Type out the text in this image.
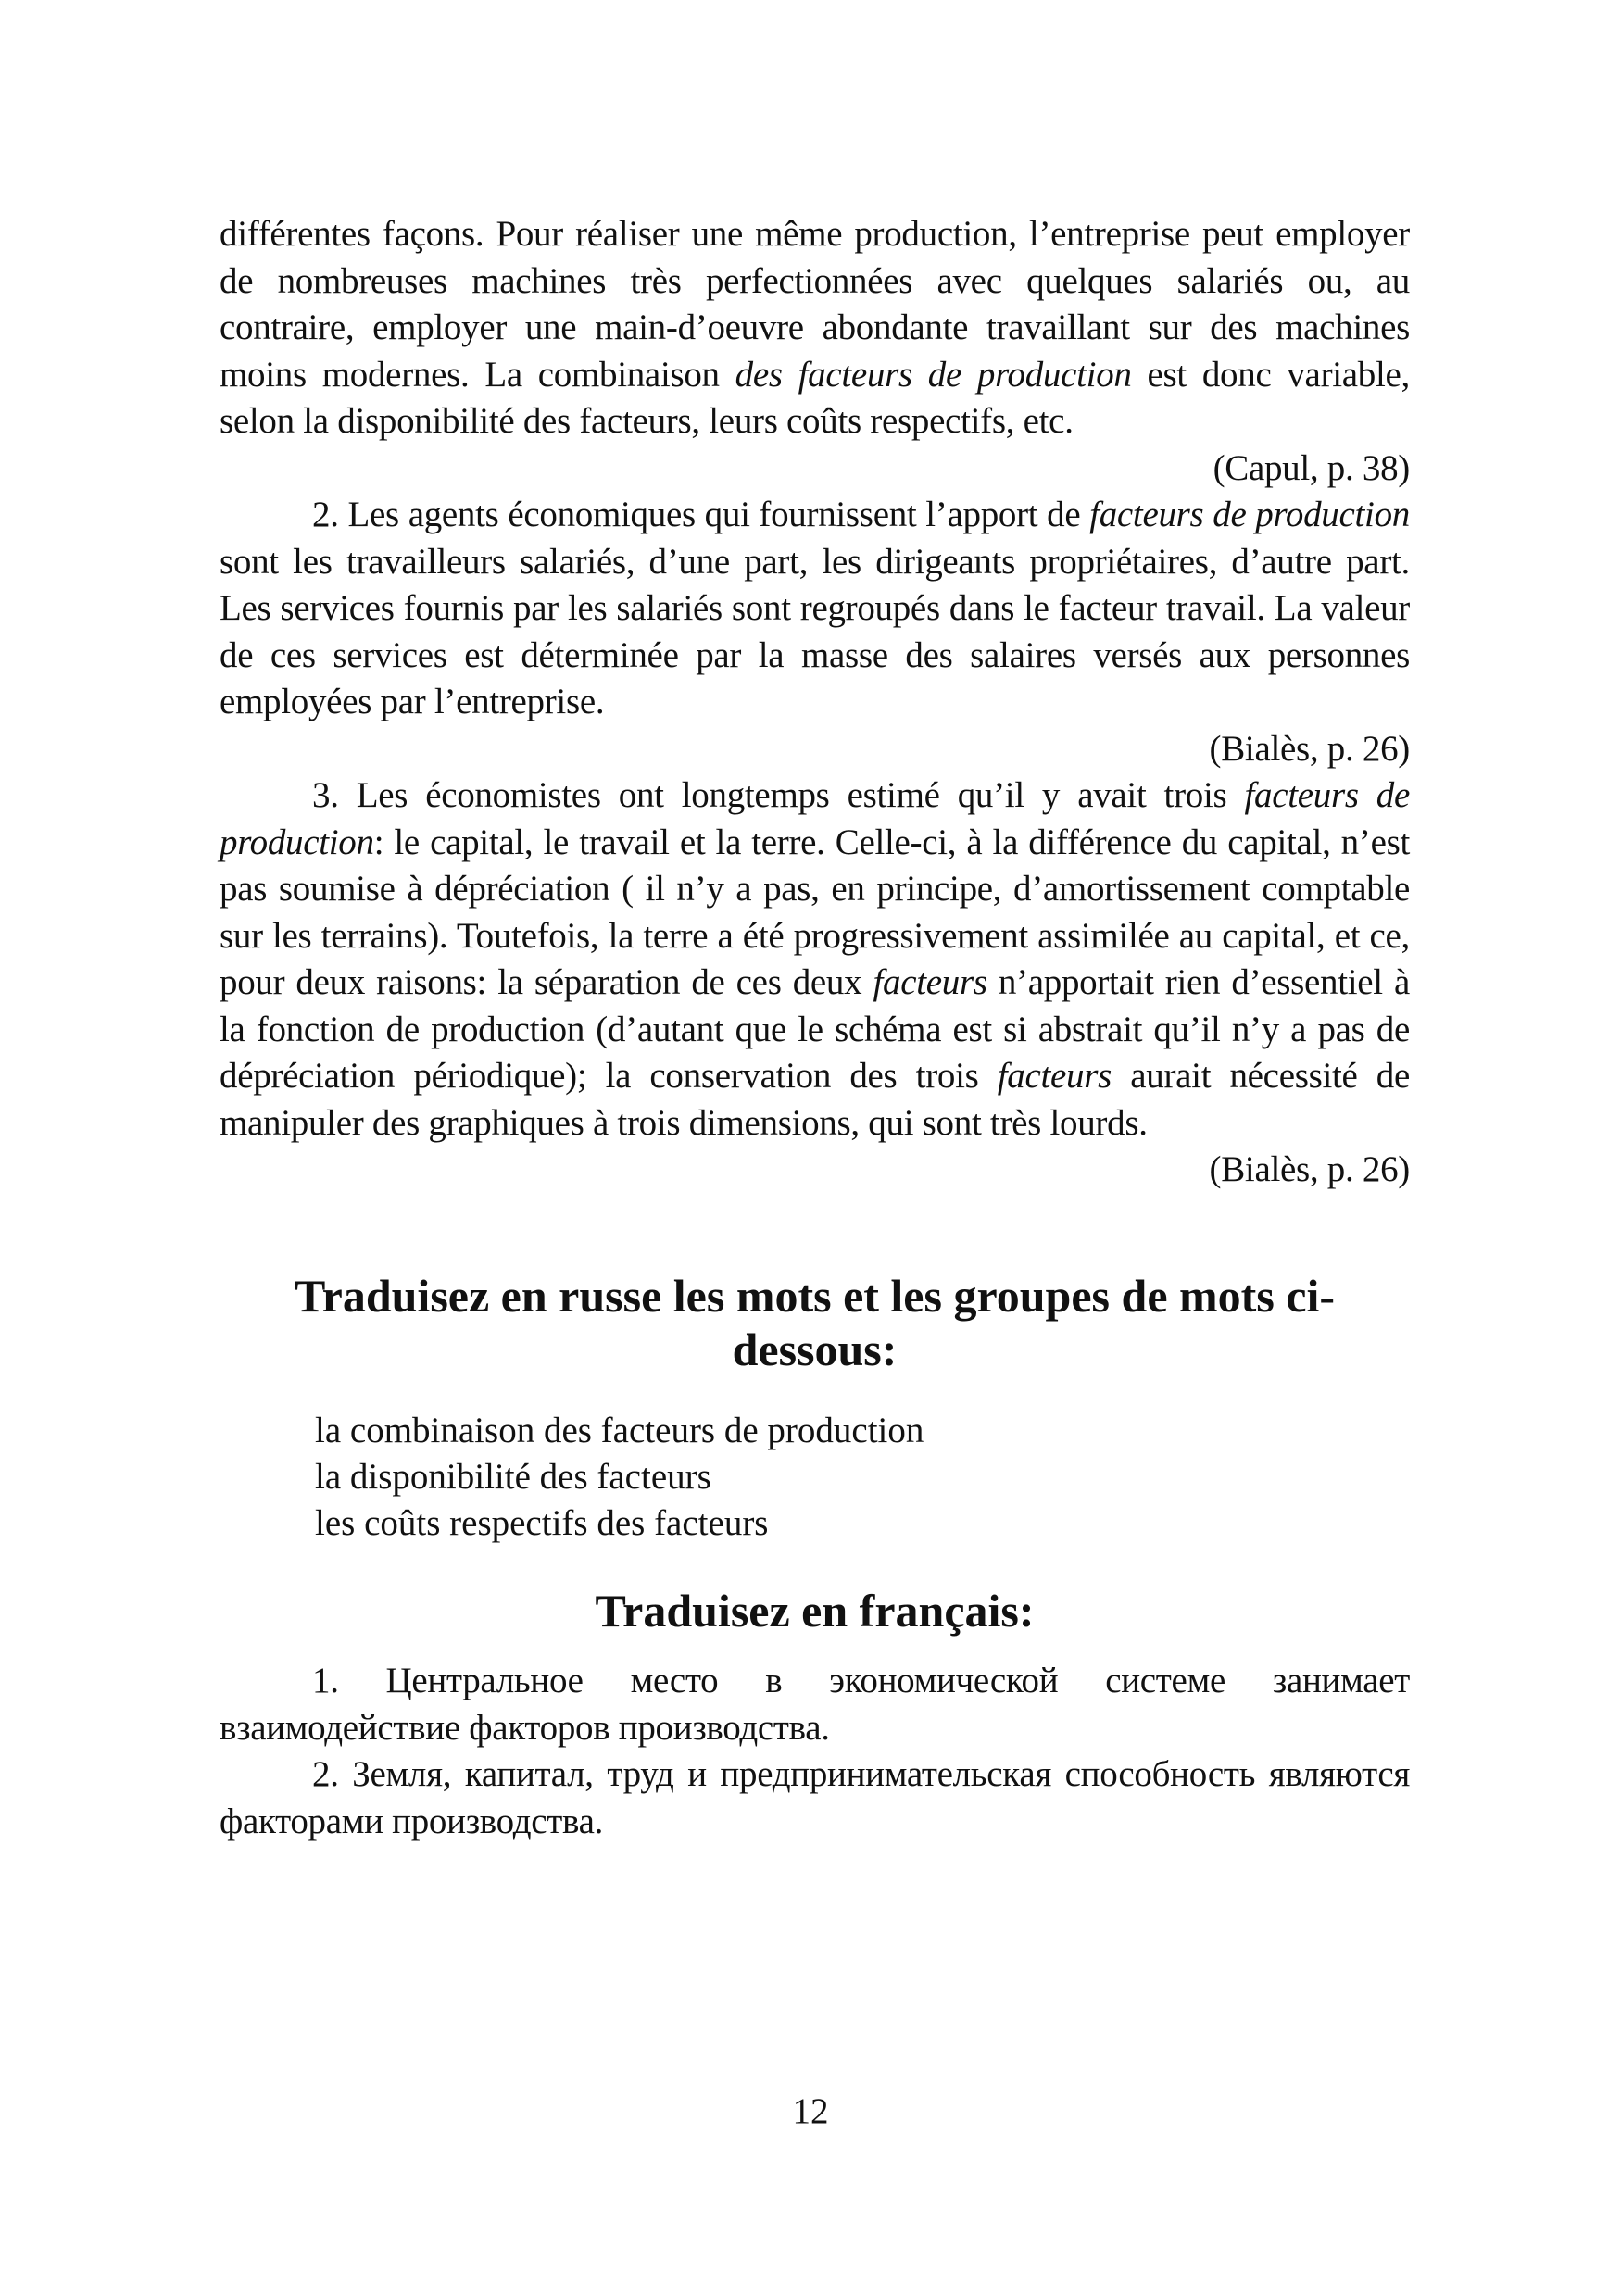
différentes façons. Pour réaliser une même production, l’entreprise peut employer de nombreuses machines très perfectionnées avec quelques salariés ou, au contraire, employer une main-d’oeuvre abondante travaillant sur des machines moins modernes. La combinaison des facteurs de production est donc variable, selon la disponibilité des facteurs, leurs coûts respectifs, etc.

(Capul, p. 38)

2. Les agents économiques qui fournissent l’apport de facteurs de production sont les travailleurs salariés, d’une part, les dirigeants propriétaires, d’autre part. Les services fournis par les salariés sont regroupés dans le facteur travail. La valeur de ces services est déterminée par la masse des salaires versés aux personnes employées par l’entreprise.

(Bialès, p. 26)

3. Les économistes ont longtemps estimé qu’il y avait trois facteurs de production: le capital, le travail et la terre. Celle-ci, à la différence du capital, n’est pas soumise à dépréciation ( il n’y a pas, en principe, d’amortissement comptable sur les terrains). Toutefois, la terre a été progressivement assimilée au capital, et ce, pour deux raisons: la séparation de ces deux facteurs n’apportait rien d’essentiel à la fonction de production (d’autant que le schéma est si abstrait qu’il n’y a pas de dépréciation périodique); la conservation des trois facteurs aurait nécessité de manipuler des graphiques à trois dimensions, qui sont très lourds.

(Bialès, p. 26)

Traduisez en russe les mots et les groupes de mots ci-dessous:
la combinaison des facteurs de production
la disponibilité des facteurs
les coûts respectifs des facteurs
Traduisez en français:

1. Центральное место в экономической системе занимает взаимодействие факторов производства.

2. Земля, капитал, труд и предпринимательская способность являются факторами производства.

12
